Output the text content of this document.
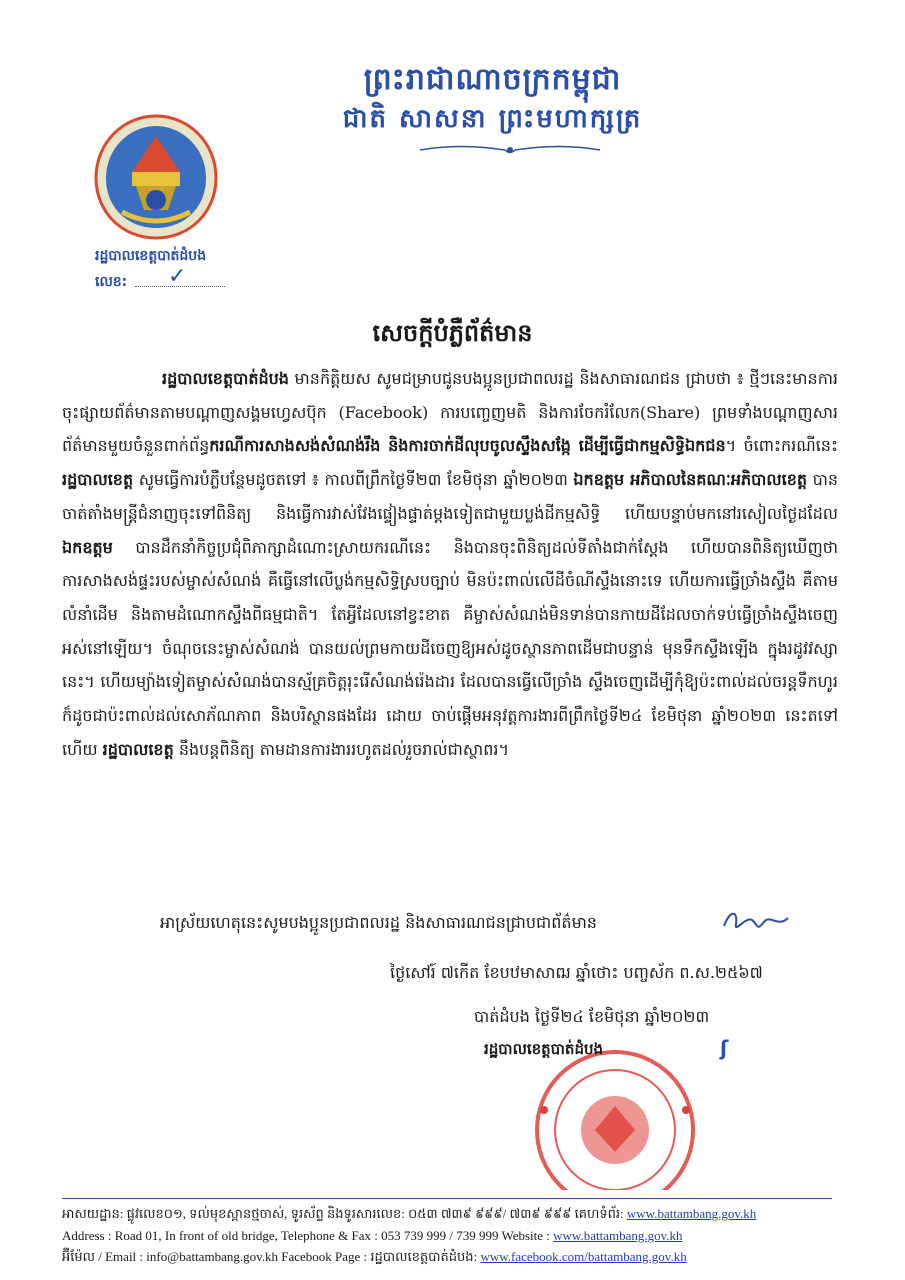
ព្រះរាជាណាចក្រកម្ពុជា
ជាតិ សាសនា ព្រះមហាក្សត្រ
រដ្ឋបាលខេត្តបាត់ដំបង
លេខ: ✓
សេចក្ដីបំភ្លឺព័ត៌មាន

រដ្ឋបាលខេត្តបាត់ដំបង មានកិត្តិយស សូមជម្រាបជូនបងប្អូនប្រជាពលរដ្ឋ និងសាធារណជន ជ្រាបថា ៖ ថ្មីៗនេះមានការចុះផ្សាយព័ត៌មានតាមបណ្ដាញសង្គមហ្វេសប៊ុក (Facebook) ការបញ្ចេញមតិ និងការចែករំលែក(Share) ព្រមទាំងបណ្ដាញសារព័ត៌មានមួយចំនួនពាក់ព័ន្ធករណីការសាងសង់សំណង់រឹង និងការចាក់ដីលុបចូលស្ទឹងសង្កែ ដើម្បីធ្វើជាកម្មសិទ្ធិឯកជន។ ចំពោះករណីនេះ រដ្ឋបាលខេត្ត សូមធ្វើការបំភ្លឺបន្ថែមដូចតទៅ ៖ កាលពីព្រឹកថ្ងៃទី២៣ ខែមិថុនា ឆ្នាំ២០២៣ ឯកឧត្ដម អភិបាលនៃគណៈអភិបាលខេត្ត បាន ចាត់តាំងមន្ត្រីជំនាញចុះទៅពិនិត្យ និងធ្វើការវាស់វែងផ្ទៀងផ្ទាត់ម្ដងទៀតជាមួយប្លង់ដីកម្មសិទ្ធិ ហើយបន្ទាប់មកនៅរសៀលថ្ងៃដដែល ឯកឧត្ដម បានដឹកនាំកិច្ចប្រជុំពិភាក្សាដំណោះស្រាយករណីនេះ និងបានចុះពិនិត្យដល់ទីតាំងជាក់ស្ដែង ហើយបានពិនិត្យឃើញថា ការសាងសង់ផ្ទះរបស់ម្ចាស់សំណង់ គឺធ្វើនៅលើប្លង់កម្មសិទ្ធិស្របច្បាប់ មិនប៉ះពាល់លើដីចំណីស្ទឹងនោះទេ ហើយការធ្វើច្រាំងស្ទឹង គឺតាមលំនាំដើម និងតាមដំណោកស្ទឹងពីធម្មជាតិ។ តែអ្វីដែលនៅខ្វះខាត គឺម្ចាស់សំណង់មិនទាន់បានកាយដីដែលចាក់ទប់ធ្វើច្រាំងស្ទឹងចេញអស់នៅឡើយ។ ចំណុចនេះម្ចាស់សំណង់ បានយល់ព្រមកាយដីចេញឱ្យអស់ដូចស្ថានភាពដើមជាបន្ទាន់ មុនទឹកស្ទឹងឡើង ក្នុងរដូវវស្សានេះ។ ហើយម្យ៉ាងទៀតម្ចាស់សំណង់បានស្ម័គ្រចិត្តរុះរើសំណង់រ៉េងដារ ដែលបានធ្វើលើច្រាំង ស្ទឹងចេញដើម្បីកុំឱ្យប៉ះពាល់ដល់ចរន្តទឹកហូរ ក៏ដូចជាប៉ះពាល់ដល់សោភ័ណភាព និងបរិស្ថានផងដែរ ដោយ ចាប់ផ្ដើមអនុវត្តការងារពីព្រឹកថ្ងៃទី២៤ ខែមិថុនា ឆ្នាំ២០២៣ នេះតទៅ ហើយ រដ្ឋបាលខេត្ត នឹងបន្តពិនិត្យ តាមដានការងាររហូតដល់រួចរាល់ជាស្ថាពរ។

អាស្រ័យហេតុនេះសូមបងប្អូនប្រជាពលរដ្ឋ និងសាធារណជនជ្រាបជាព័ត៌មាន
ថ្ងៃសៅរ៍ ៧កើត ខែបឋមាសាឍ ឆ្នាំថោះ បញ្ចស័ក ព.ស.២៥៦៧
បាត់ដំបង ថ្ងៃទី២៤ ខែមិថុនា ឆ្នាំ២០២៣
រដ្ឋបាលខេត្តបាត់ដំបង	ʃ
អាសយដ្ឋាន: ផ្លូវលេខ០១, ទល់មុខស្ពានថ្មចាស់, ទូរស័ព្ទ និងទូរសារលេខ: ០៥៣ ៧៣៩ ៩៩៩/ ៧៣៩ ៩៩៩ គេហទំព័រ: www.battambang.gov.kh
Address : Road 01, In front of old bridge, Telephone & Fax : 053 739 999 / 739 999 Website : www.battambang.gov.kh
អ៊ីម៉ែល / Email : info@battambang.gov.kh Facebook Page : រដ្ឋបាលខេត្តបាត់ដំបង: www.facebook.com/battambang.gov.kh
